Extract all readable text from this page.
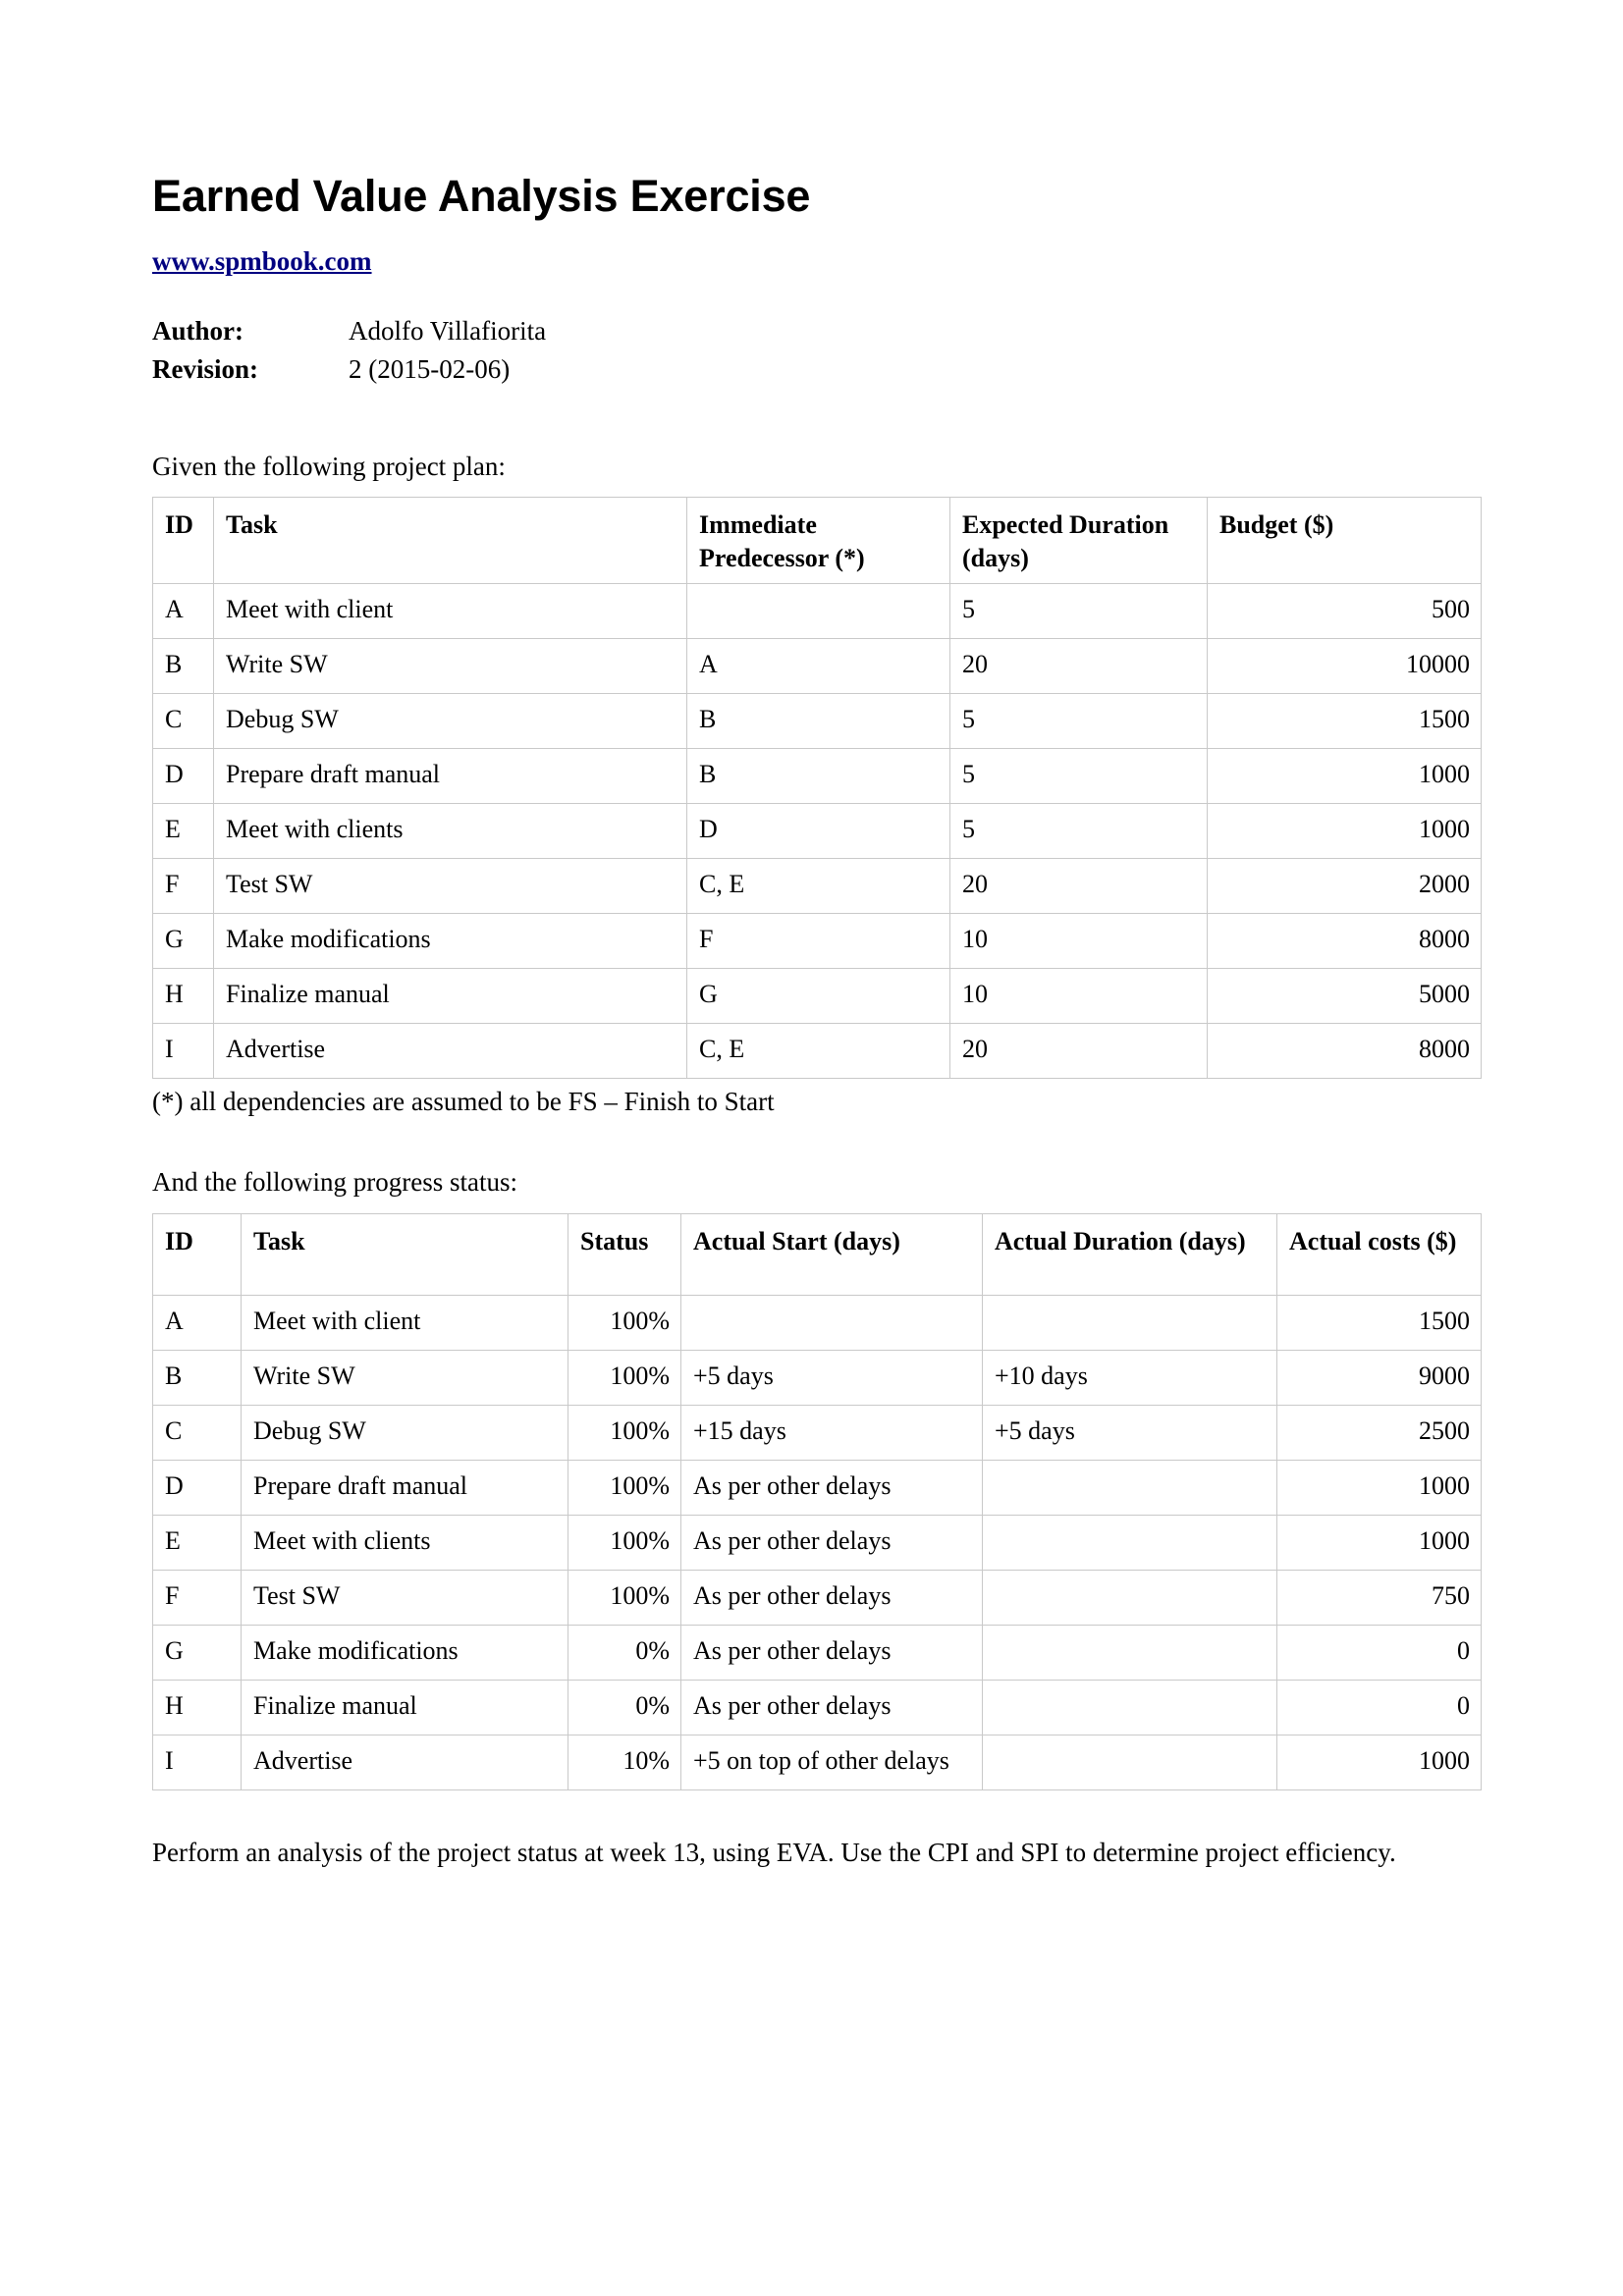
Earned Value Analysis Exercise
www.spmbook.com
Author:	Adolfo Villafiorita
Revision:	2 (2015-02-06)

Given the following project plan:

ID	Task	Immediate Predecessor (*)	Expected Duration (days)	Budget ($)
A	Meet with client		5	500
B	Write SW	A	20	10000
C	Debug SW	B	5	1500
D	Prepare draft manual	B	5	1000
E	Meet with clients	D	5	1000
F	Test SW	C, E	20	2000
G	Make modifications	F	10	8000
H	Finalize manual	G	10	5000
I	Advertise	C, E	20	8000

(*) all dependencies are assumed to be FS – Finish to Start

And the following progress status:

ID	Task	Status	Actual Start (days)	Actual Duration (days)	Actual costs ($)
A	Meet with client	100%			1500
B	Write SW	100%	+5 days	+10 days	9000
C	Debug SW	100%	+15 days	+5 days	2500
D	Prepare draft manual	100%	As per other delays		1000
E	Meet with clients	100%	As per other delays		1000
F	Test SW	100%	As per other delays		750
G	Make modifications	0%	As per other delays		0
H	Finalize manual	0%	As per other delays		0
I	Advertise	10%	+5 on top of other delays		1000

Perform an analysis of the project status at week 13, using EVA. Use the CPI and SPI to determine project efficiency.
